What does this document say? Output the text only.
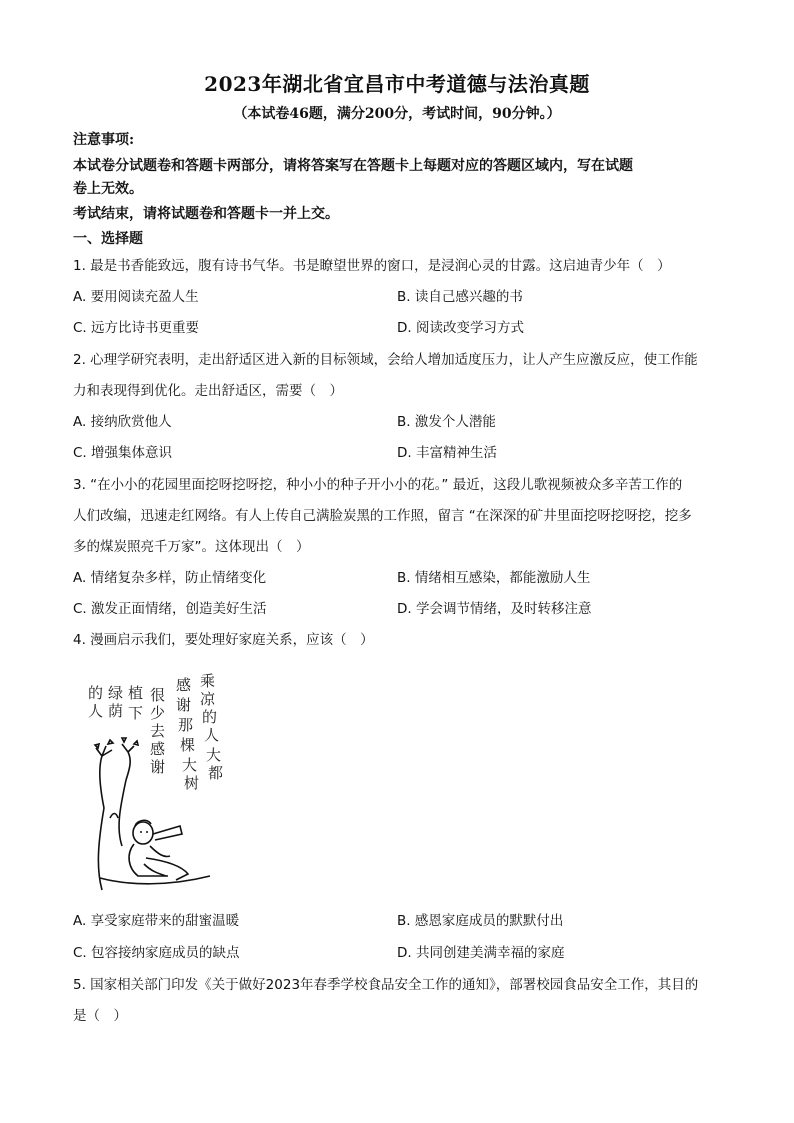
2023年湖北省宜昌市中考道德与法治真题
（本试卷46题，满分200分，考试时间，90分钟。）
注意事项:
本试卷分试题卷和答题卡两部分，请将答案写在答题卡上每题对应的答题区域内，写在试题
卷上无效。
考试结束，请将试题卷和答题卡一并上交。
一、选择题
1. 最是书香能致远，腹有诗书气华。书是瞭望世界的窗口，是浸润心灵的甘露。这启迪青少年（　）
A. 要用阅读充盈人生	B. 读自己感兴趣的书
C. 远方比诗书更重要	D. 阅读改变学习方式
2. 心理学研究表明，走出舒适区进入新的目标领域，会给人增加适度压力，让人产生应激反应，使工作能
力和表现得到优化。走出舒适区，需要（　）
A. 接纳欣赏他人	B. 激发个人潜能
C. 增强集体意识	D. 丰富精神生活
3. “在小小的花园里面挖呀挖呀挖，种小小的种子开小小的花。” 最近，这段儿歌视频被众多辛苦工作的
人们改编，迅速走红网络。有人上传自己满脸炭黑的工作照，留言 “在深深的矿井里面挖呀挖呀挖，挖多
多的煤炭照亮千万家”。这体现出（　）
A. 情绪复杂多样，防止情绪变化	B. 情绪相互感染，都能激励人生
C. 激发正面情绪，创造美好生活	D. 学会调节情绪，及时转移注意
4. 漫画启示我们，要处理好家庭关系，应该（　）
乘
凉
的
人
大
都
感
谢
那
棵
大
树
很
少
去
感
谢
植
下
绿
荫
的
人
A. 享受家庭带来的甜蜜温暖	B. 感恩家庭成员的默默付出
C. 包容接纳家庭成员的缺点	D. 共同创建美满幸福的家庭
5. 国家相关部门印发《关于做好2023年春季学校食品安全工作的通知》，部署校园食品安全工作，其目的
是（　）
